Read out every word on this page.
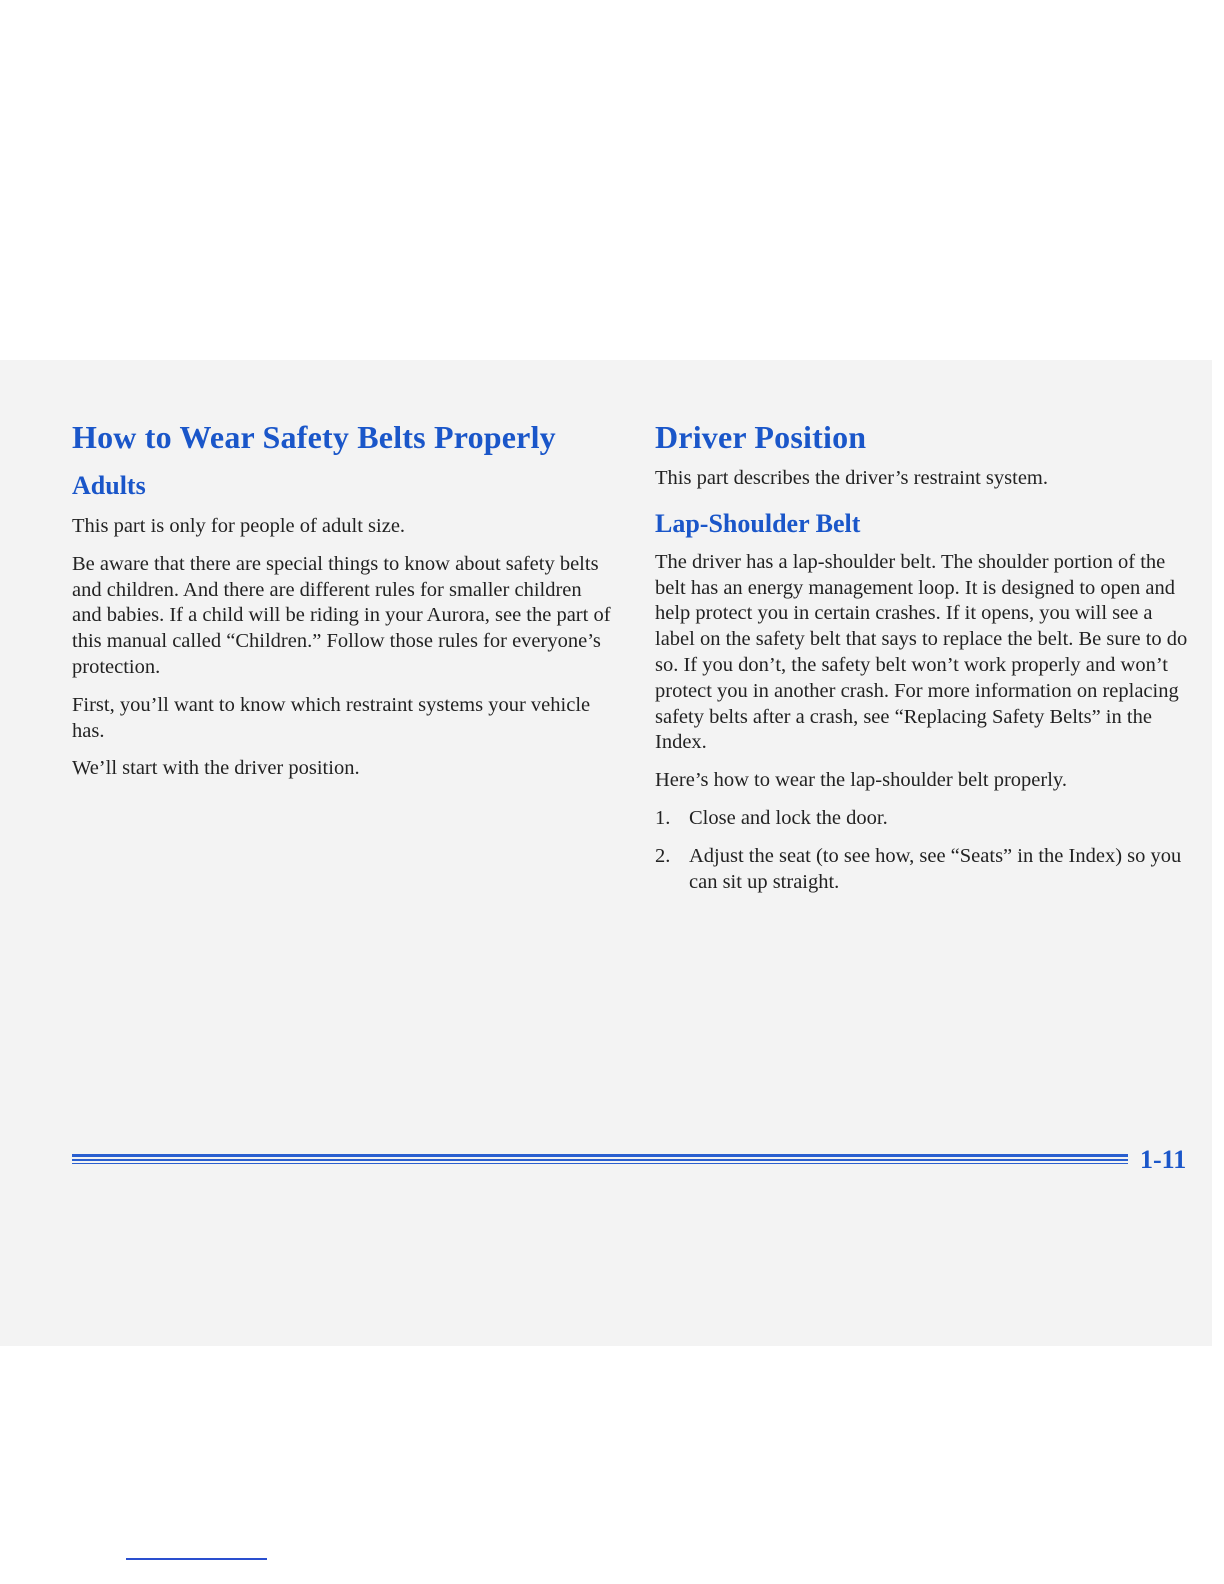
How to Wear Safety Belts Properly
Adults

This part is only for people of adult size.

Be aware that there are special things to know about safety belts and children. And there are different rules for smaller children and babies. If a child will be riding in your Aurora, see the part of this manual called “Children.” Follow those rules for everyone’s protection.

First, you’ll want to know which restraint systems your vehicle has.

We’ll start with the driver position.

Driver Position

This part describes the driver’s restraint system.

Lap-Shoulder Belt

The driver has a lap-shoulder belt. The shoulder portion of the belt has an energy management loop. It is designed to open and help protect you in certain crashes. If it opens, you will see a label on the safety belt that says to replace the belt. Be sure to do so. If you don’t, the safety belt won’t work properly and won’t protect you in another crash. For more information on replacing safety belts after a crash, see “Replacing Safety Belts” in the Index.

Here’s how to wear the lap-shoulder belt properly.

1. Close and lock the door.
2. Adjust the seat (to see how, see “Seats” in the Index) so you can sit up straight.
1-11
